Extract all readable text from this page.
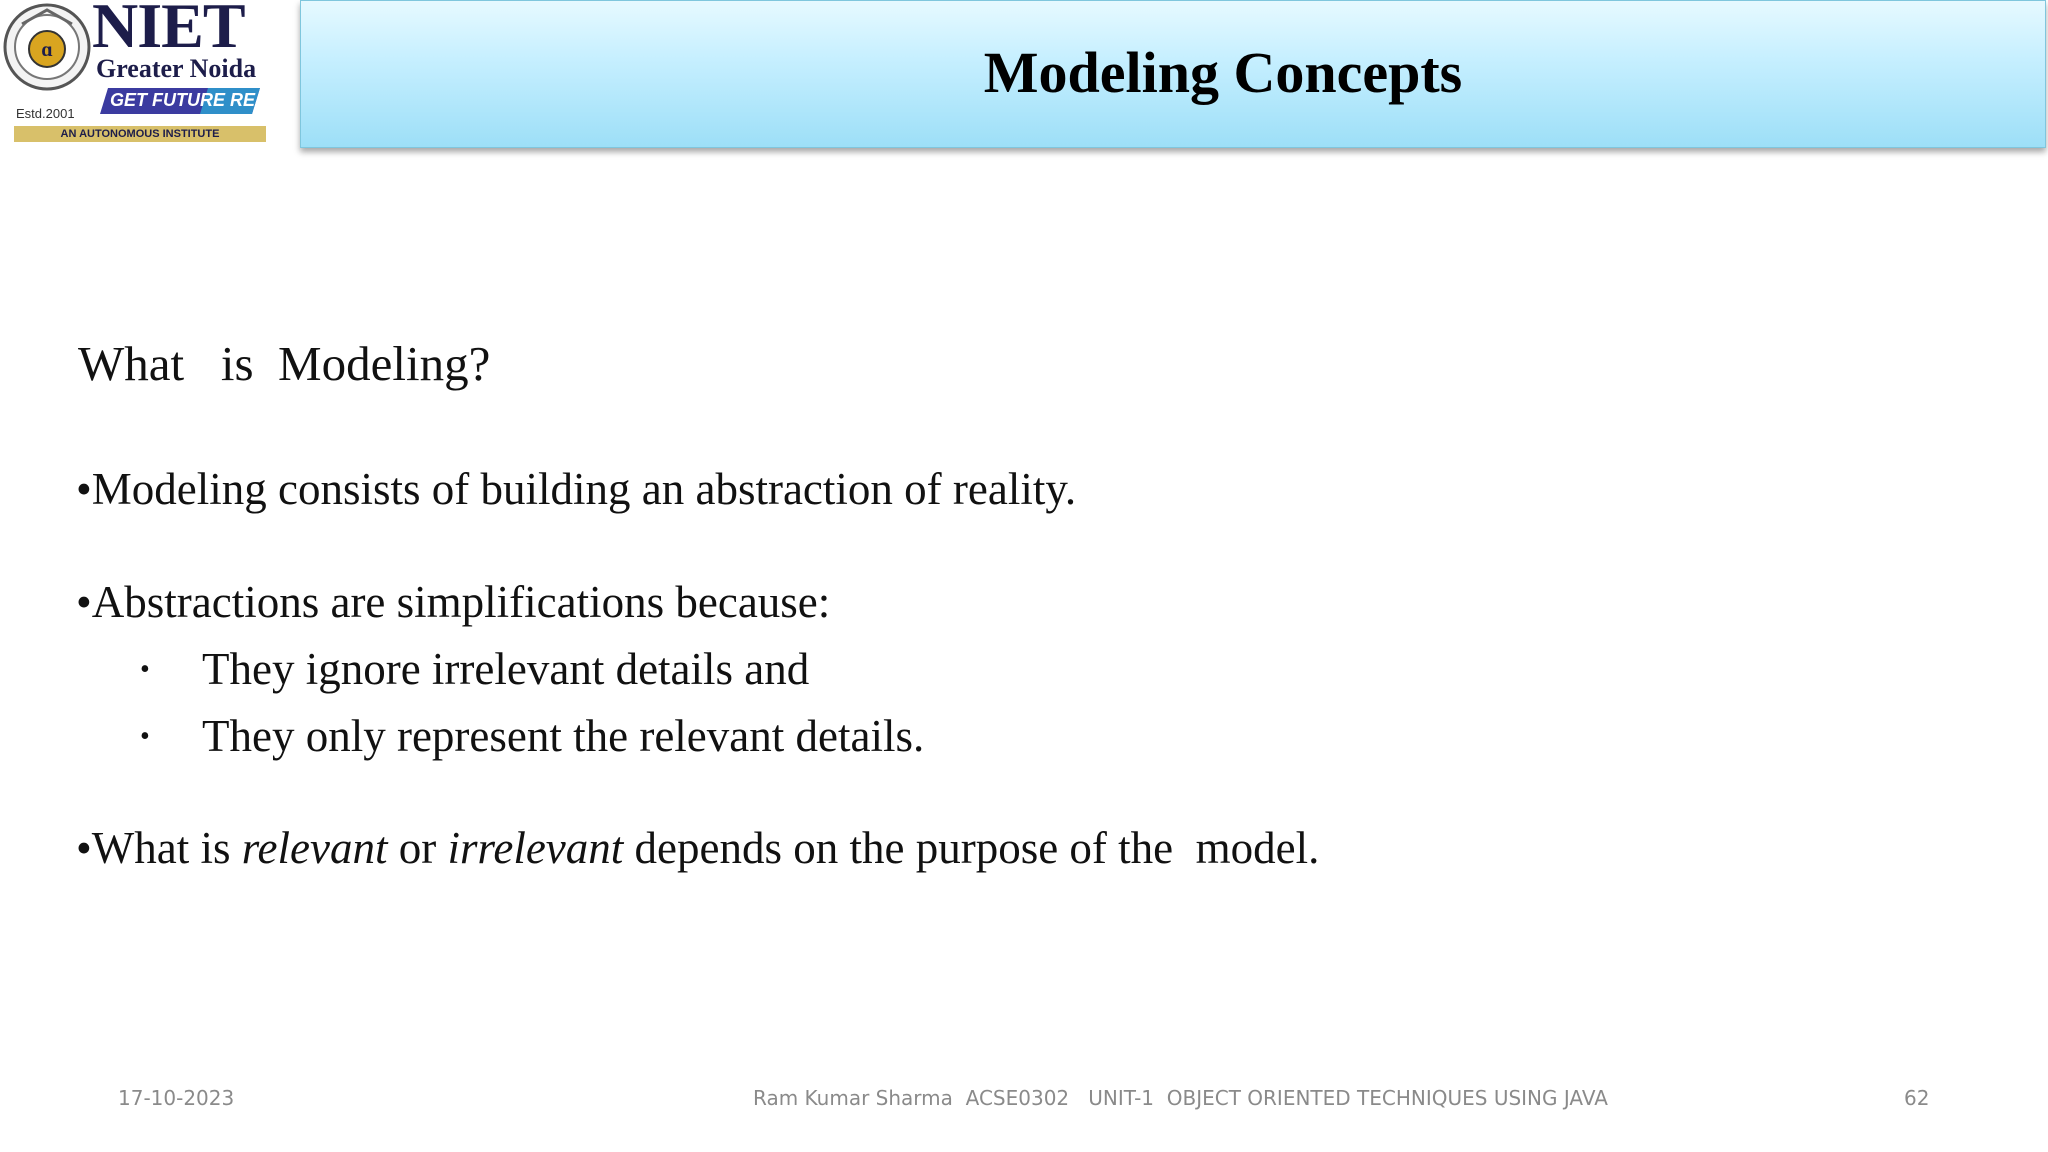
ɑ NIET
Greater Noida
GET FUTURE READY
Estd.2001
AN AUTONOMOUS INSTITUTE
Modeling Concepts
What   is  Modeling?
•Modeling consists of building an abstraction of reality.
•Abstractions are simplifications because:
• They ignore irrelevant details and
• They only represent the relevant details.
•What is relevant or irrelevant depends on the purpose of the  model.
17-10-2023	Ram Kumar Sharma  ACSE0302   UNIT-1  OBJECT ORIENTED TECHNIQUES USING JAVA	62
